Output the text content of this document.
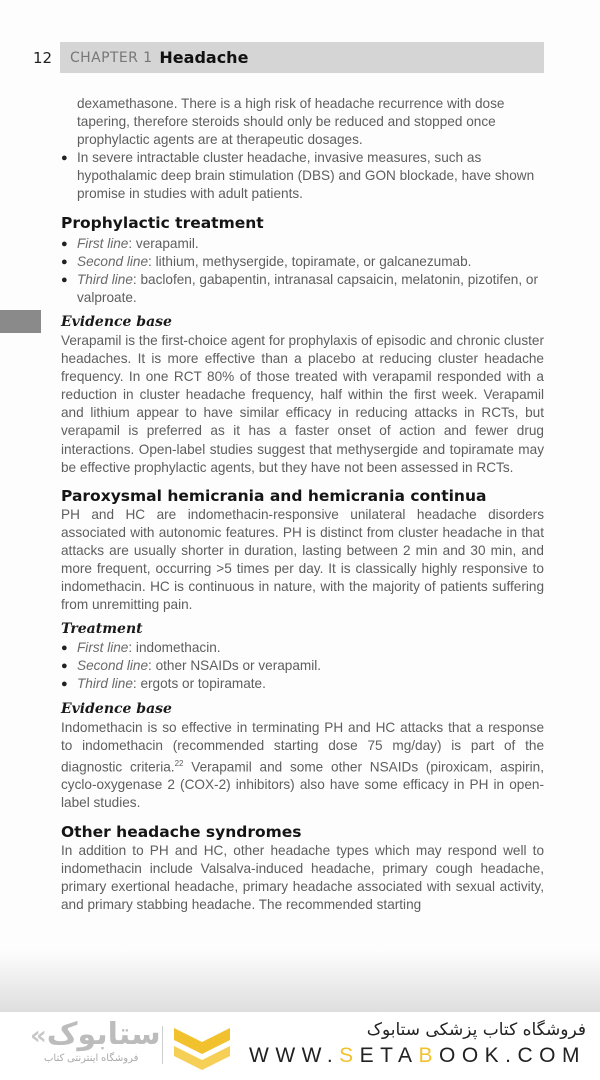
12 CHAPTER 1 Headache

dexamethasone. There is a high risk of headache recurrence with dose tapering, therefore steroids should only be reduced and stopped once prophylactic agents are at therapeutic dosages.

● In severe intractable cluster headache, invasive measures, such as hypothalamic deep brain stimulation (DBS) and GON blockade, have shown promise in studies with adult patients.
Prophylactic treatment
● First line: verapamil.
● Second line: lithium, methysergide, topiramate, or galcanezumab.
● Third line: baclofen, gabapentin, intranasal capsaicin, melatonin, pizotifen, or valproate.
Evidence base

Verapamil is the first-choice agent for prophylaxis of episodic and chronic cluster headaches. It is more effective than a placebo at reducing cluster headache frequency. In one RCT 80% of those treated with verapamil responded with a reduction in cluster headache frequency, half within the first week. Verapamil and lithium appear to have similar efficacy in reducing attacks in RCTs, but verapamil is preferred as it has a faster onset of action and fewer drug interactions. Open-label studies suggest that methysergide and topiramate may be effective prophylactic agents, but they have not been assessed in RCTs.

Paroxysmal hemicrania and hemicrania continua

PH and HC are indomethacin-responsive unilateral headache disorders associated with autonomic features. PH is distinct from cluster headache in that attacks are usually shorter in duration, lasting between 2 min and 30 min, and more frequent, occurring >5 times per day. It is classically highly responsive to indomethacin. HC is continuous in nature, with the majority of patients suffering from unremitting pain.

Treatment
● First line: indomethacin.
● Second line: other NSAIDs or verapamil.
● Third line: ergots or topiramate.
Evidence base

Indomethacin is so effective in terminating PH and HC attacks that a response to indomethacin (recommended starting dose 75 mg/day) is part of the diagnostic criteria.$^{22}$ Verapamil and some other NSAIDs (piroxicam, aspirin, cyclo-oxygenase 2 (COX-2) inhibitors) also have some efficacy in PH in open-label studies.

Other headache syndromes

In addition to PH and HC, other headache types which may respond well to indomethacin include Valsalva-induced headache, primary cough headache, primary exertional headache, primary headache associated with sexual activity, and primary stabbing headache. The recommended starting

«ستابوک
فروشگاه اینترنتی کتاب
فروشگاه کتاب پزشکی ستابوک
WWW.SETABOOK.COM
